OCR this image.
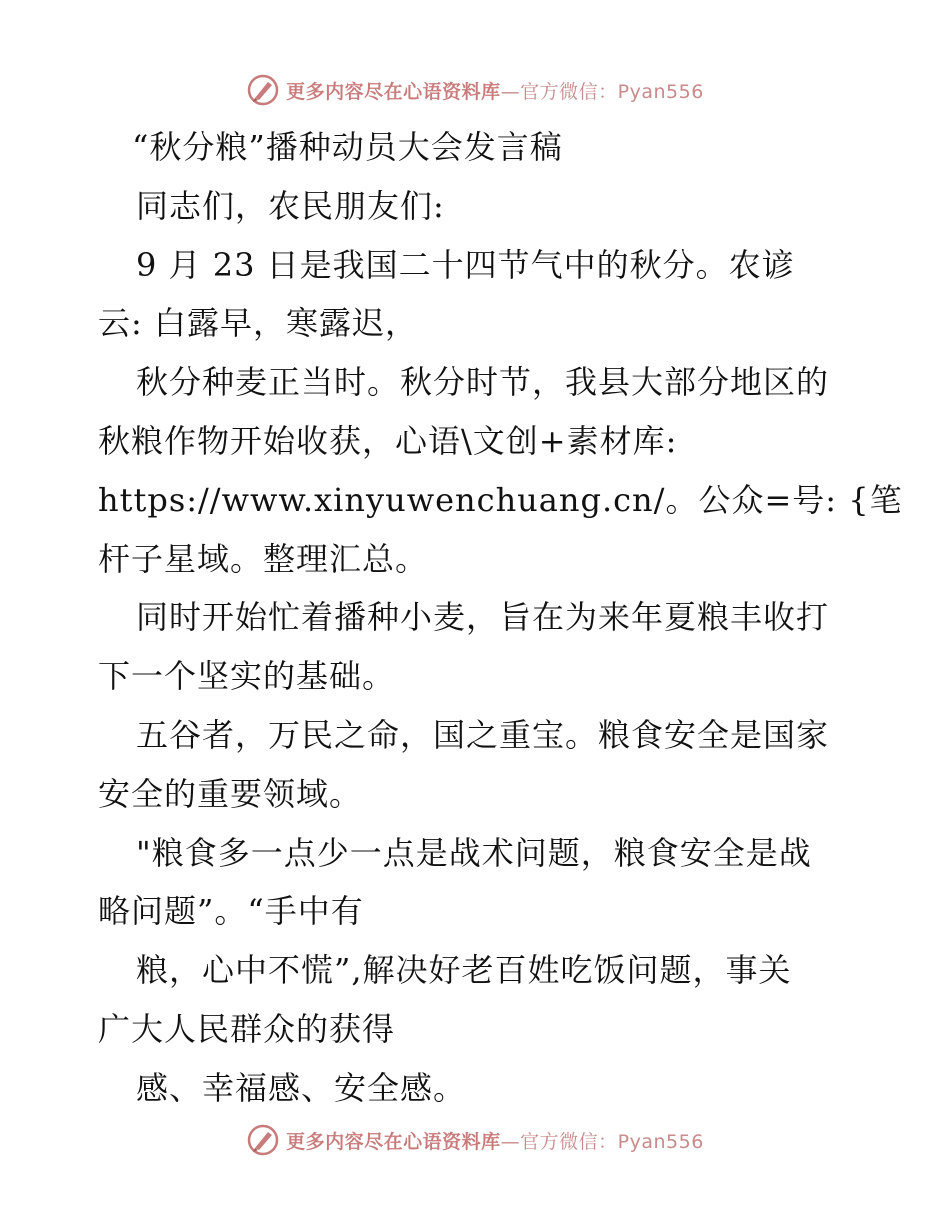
更多内容尽在心语资料库—官方微信：Pyan556
“秋分粮”播种动员大会发言稿
同志们，农民朋友们:
9 月 23 日是我国二十四节气中的秋分。农谚
云: 白露早，寒露迟，
秋分种麦正当时。秋分时节，我县大部分地区的
秋粮作物开始收获，心语\文创+素材库:
https://www.xinyuwenchuang.cn/。公众=号: {笔
杆子星域。整理汇总。
同时开始忙着播种小麦，旨在为来年夏粮丰收打
下一个坚实的基础。
五谷者，万民之命，国之重宝。粮食安全是国家
安全的重要领域。
"粮食多一点少一点是战术问题，粮食安全是战
略问题”。“手中有
粮，心中不慌”,解决好老百姓吃饭问题，事关
广大人民群众的获得
感、幸福感、安全感。
更多内容尽在心语资料库—官方微信：Pyan556
